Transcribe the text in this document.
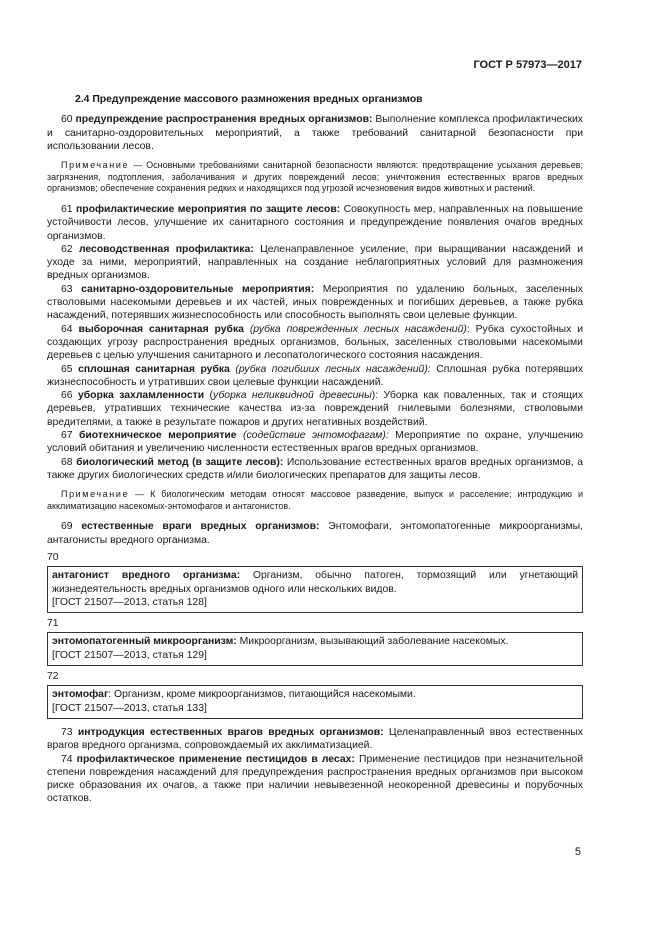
ГОСТ Р 57973—2017
2.4 Предупреждение массового размножения вредных организмов

60 предупреждение распространения вредных организмов: Выполнение комплекса профилактических и санитарно-оздоровительных мероприятий, а также требований санитарной безопасности при использовании лесов.

Примечание — Основными требованиями санитарной безопасности являются: предотвращение усыхания деревьев; загрязнения, подтопления, заболачивания и других повреждений лесов; уничтожения естественных врагов вредных организмов; обеспечение сохранения редких и находящихся под угрозой исчезновения видов животных и растений.

61 профилактические мероприятия по защите лесов: Совокупность мер, направленных на повышение устойчивости лесов, улучшение их санитарного состояния и предупреждение появления очагов вредных организмов.

62 лесоводственная профилактика: Целенаправленное усиление, при выращивании насаждений и уходе за ними, мероприятий, направленных на создание неблагоприятных условий для размножения вредных организмов.

63 санитарно-оздоровительные мероприятия: Мероприятия по удалению больных, заселенных стволовыми насекомыми деревьев и их частей, иных поврежденных и погибших деревьев, а также рубка насаждений, потерявших жизнеспособность или способность выполнять свои целевые функции.

64 выборочная санитарная рубка (рубка поврежденных лесных насаждений): Рубка сухостойных и создающих угрозу распространения вредных организмов, больных, заселенных стволовыми насекомыми деревьев с целью улучшения санитарного и лесопатологического состояния насаждения.

65 сплошная санитарная рубка (рубка погибших лесных насаждений): Сплошная рубка потерявших жизнеспособность и утративших свои целевые функции насаждений.

66 уборка захламленности (уборка неликвидной древесины): Уборка как поваленных, так и стоящих деревьев, утративших технические качества из-за повреждений гнилевыми болезнями, стволовыми вредителями, а также в результате пожаров и других негативных воздействий.

67 биотехническое мероприятие (содействие энтомофагам): Мероприятие по охране, улучшению условий обитания и увеличению численности естественных врагов вредных организмов.

68 биологический метод (в защите лесов): Использование естественных врагов вредных организмов, а также других биологических средств и/или биологических препаратов для защиты лесов.

Примечание — К биологическим методам относят массовое разведение, выпуск и расселение; интродукцию и акклиматизацию насекомых-энтомофагов и антагонистов.

69 естественные враги вредных организмов: Энтомофаги, энтомопатогенные микроорганизмы, антагонисты вредного организма.

70
антагонист вредного организма: Организм, обычно патоген, тормозящий или угнетающий жизнедеятельность вредных организмов одного или нескольких видов.
[ГОСТ 21507—2013, статья 128]
71
энтомопатогенный микроорганизм: Микроорганизм, вызывающий заболевание насекомых.
[ГОСТ 21507—2013, статья 129]
72
энтомофаг: Организм, кроме микроорганизмов, питающийся насекомыми.
[ГОСТ 21507—2013, статья 133]

73 интродукция естественных врагов вредных организмов: Целенаправленный ввоз естественных врагов вредного организма, сопровождаемый их акклиматизацией.

74 профилактическое применение пестицидов в лесах: Применение пестицидов при незначительной степени повреждения насаждений для предупреждения распространения вредных организмов при высоком риске образования их очагов, а также при наличии невывезенной неокоренной древесины и порубочных остатков.

5
